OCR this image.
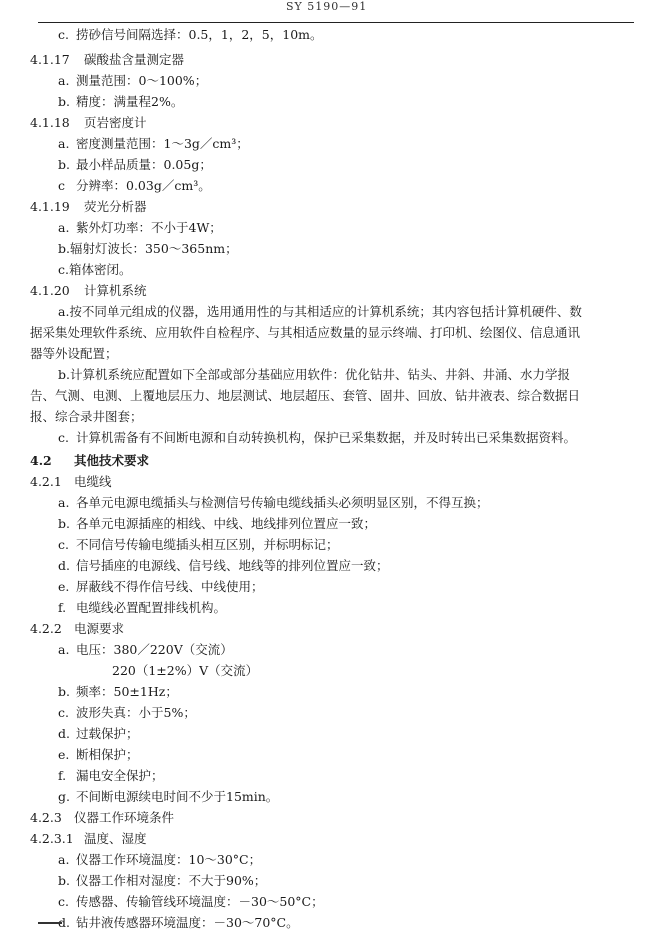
SY 5190—91
c. 捞砂信号间隔选择：0.5，1，2，5，10m。
4.1.17 碳酸盐含量测定器
a. 测量范围：0～100%；
b. 精度：满量程2%。
4.1.18 页岩密度计
a. 密度测量范围：1～3g／cm³；
b. 最小样品质量：0.05g；
c 分辨率：0.03g／cm³。
4.1.19 荧光分析器
a. 紫外灯功率：不小于4W；
b.辐射灯波长：350～365nm；
c.箱体密闭。
4.1.20 计算机系统
a.按不同单元组成的仪器，选用通用性的与其相适应的计算机系统；其内容包括计算机硬件、数
据采集处理软件系统、应用软件自检程序、与其相适应数量的显示终端、打印机、绘图仪、信息通讯
器等外设配置；
b.计算机系统应配置如下全部或部分基础应用软件：优化钻井、钻头、井斜、井涌、水力学报
告、气测、电测、上覆地层压力、地层测试、地层超压、套管、固井、回放、钻井液表、综合数据日
报、综合录井图套；
c. 计算机需备有不间断电源和自动转换机构，保护已采集数据，并及时转出已采集数据资料。
4.2 其他技术要求
4.2.1 电缆线
a. 各单元电源电缆插头与检测信号传输电缆线插头必须明显区别，不得互换；
b. 各单元电源插座的相线、中线、地线排列位置应一致；
c. 不同信号传输电缆插头相互区别，并标明标记；
d. 信号插座的电源线、信号线、地线等的排列位置应一致；
e. 屏蔽线不得作信号线、中线使用；
f. 电缆线必置配置排线机构。
4.2.2 电源要求
a. 电压：380／220V（交流）
220（1±2%）V（交流）
b. 频率：50±1Hz；
c. 波形失真：小于5%；
d. 过载保护；
e. 断相保护；
f. 漏电安全保护；
g. 不间断电源续电时间不少于15min。
4.2.3 仪器工作环境条件
4.2.3.1 温度、湿度
a. 仪器工作环境温度：10～30°C；
b. 仪器工作相对湿度：不大于90%；
c. 传感器、传输管线环境温度：－30～50°C；
d. 钻井液传感器环境温度：－30～70°C。
